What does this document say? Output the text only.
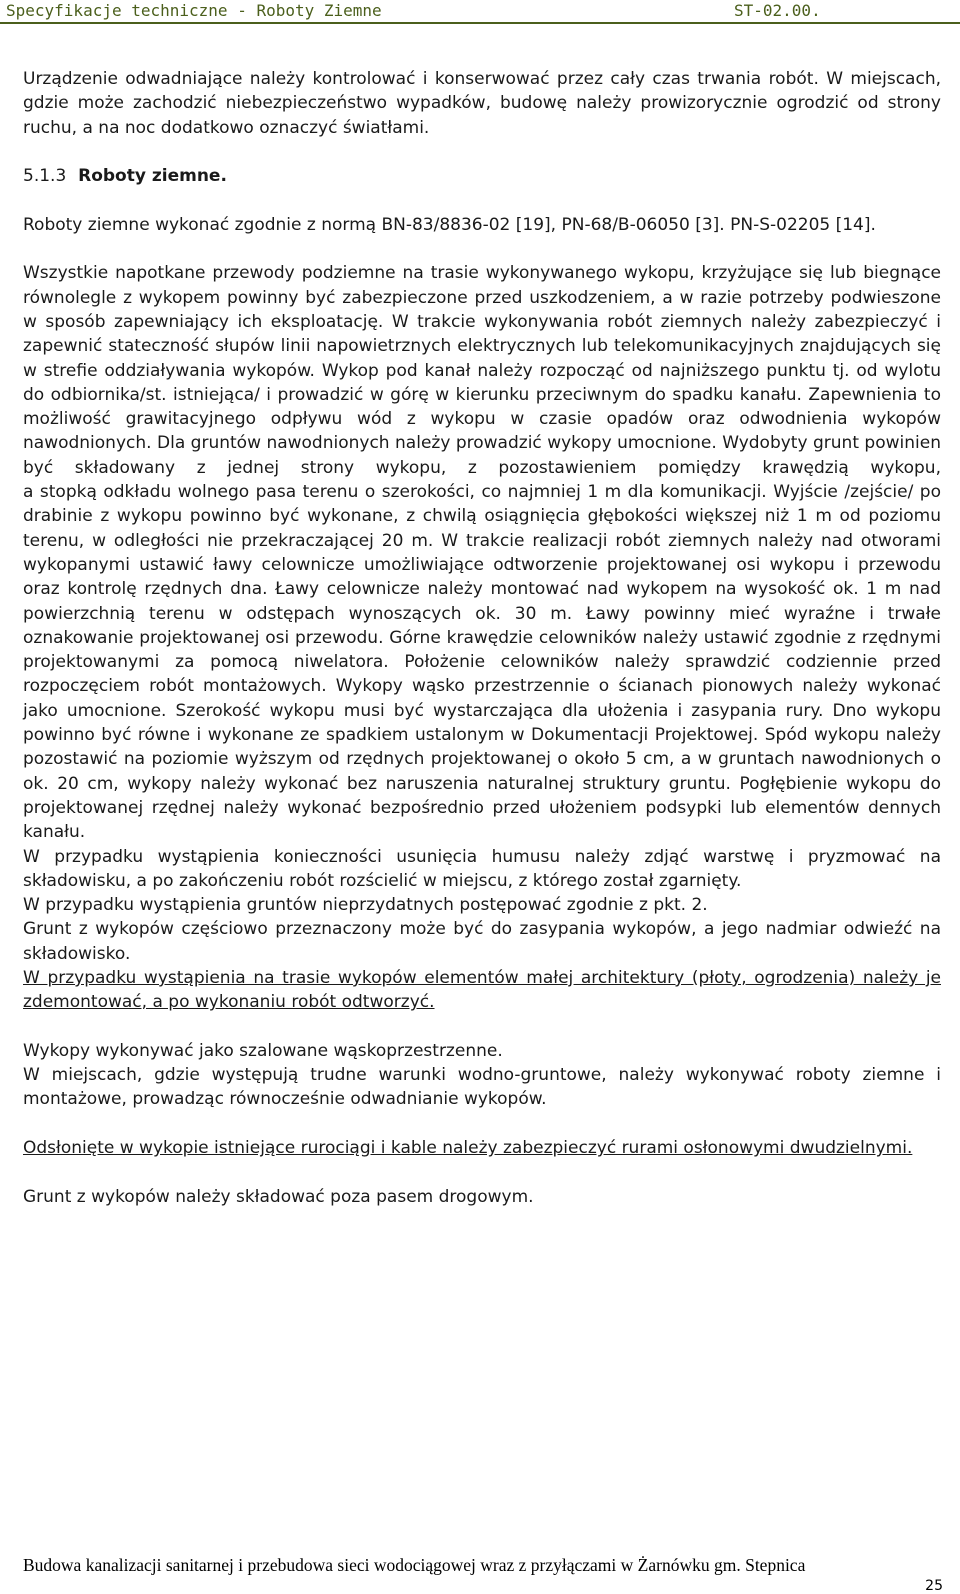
Specyfikacje techniczne - Roboty Ziemne	ST-02.00.

Urządzenie odwadniające należy kontrolować i konserwować przez cały czas trwania robót. W miejscach, gdzie może zachodzić niebezpieczeństwo wypadków, budowę należy prowizorycznie ogrodzić od strony ruchu, a na noc dodatkowo oznaczyć światłami.

5.1.3 Roboty ziemne.

Roboty ziemne wykonać zgodnie z normą BN-83/8836-02 [19], PN-68/B-06050 [3]. PN-S-02205 [14].

Wszystkie napotkane przewody podziemne na trasie wykonywanego wykopu, krzyżujące się lub biegnące równolegle z wykopem powinny być zabezpieczone przed uszkodzeniem, a w razie potrzeby podwieszone w sposób zapewniający ich eksploatację. W trakcie wykonywania robót ziemnych należy zabezpieczyć i zapewnić stateczność słupów linii napowietrznych elektrycznych lub telekomunikacyjnych znajdujących się w strefie oddziaływania wykopów. Wykop pod kanał należy rozpocząć od najniższego punktu tj. od wylotu do odbiornika/st. istniejąca/ i prowadzić w górę w kierunku przeciwnym do spadku kanału. Zapewnienia to możliwość grawitacyjnego odpływu wód z wykopu w czasie opadów oraz odwodnienia wykopów nawodnionych. Dla gruntów nawodnionych należy prowadzić wykopy umocnione. Wydobyty grunt powinien być składowany z jednej strony wykopu, z pozostawieniem pomiędzy krawędzią wykopu,

a stopką odkładu wolnego pasa terenu o szerokości, co najmniej 1 m dla komunikacji. Wyjście /zejście/ po drabinie z wykopu powinno być wykonane, z chwilą osiągnięcia głębokości większej niż 1 m od poziomu terenu, w odległości nie przekraczającej 20 m. W trakcie realizacji robót ziemnych należy nad otworami wykopanymi ustawić ławy celownicze umożliwiające odtworzenie projektowanej osi wykopu i przewodu oraz kontrolę rzędnych dna. Ławy celownicze należy montować nad wykopem na wysokość ok. 1 m nad powierzchnią terenu w odstępach wynoszących ok. 30 m. Ławy powinny mieć wyraźne i trwałe oznakowanie projektowanej osi przewodu. Górne krawędzie celowników należy ustawić zgodnie z rzędnymi projektowanymi za pomocą niwelatora. Położenie celowników należy sprawdzić codziennie przed rozpoczęciem robót montażowych. Wykopy wąsko przestrzennie o ścianach pionowych należy wykonać jako umocnione. Szerokość wykopu musi być wystarczająca dla ułożenia i zasypania rury. Dno wykopu powinno być równe i wykonane ze spadkiem ustalonym w Dokumentacji Projektowej. Spód wykopu należy pozostawić na poziomie wyższym od rzędnych projektowanej o około 5 cm, a w gruntach nawodnionych o ok. 20 cm, wykopy należy wykonać bez naruszenia naturalnej struktury gruntu. Pogłębienie wykopu do projektowanej rzędnej należy wykonać bezpośrednio przed ułożeniem podsypki lub elementów dennych kanału.

W przypadku wystąpienia konieczności usunięcia humusu należy zdjąć warstwę i pryzmować na składowisku, a po zakończeniu robót rozścielić w miejscu, z którego został zgarnięty.

W przypadku wystąpienia gruntów nieprzydatnych postępować zgodnie z pkt. 2.

Grunt z wykopów częściowo przeznaczony może być do zasypania wykopów, a jego nadmiar odwieźć na składowisko.

W przypadku wystąpienia na trasie wykopów elementów małej architektury (płoty, ogrodzenia) należy je zdemontować, a po wykonaniu robót odtworzyć.

Wykopy wykonywać jako szalowane wąskoprzestrzenne.

W miejscach, gdzie występują trudne warunki wodno-gruntowe, należy wykonywać roboty ziemne i montażowe, prowadząc równocześnie odwadnianie wykopów.

Odsłonięte w wykopie istniejące rurociągi i kable należy zabezpieczyć rurami osłonowymi dwudzielnymi.

Grunt z wykopów należy składować poza pasem drogowym.

Budowa kanalizacji sanitarnej i przebudowa sieci wodociągowej wraz z przyłączami w Żarnówku gm. Stepnica
25
